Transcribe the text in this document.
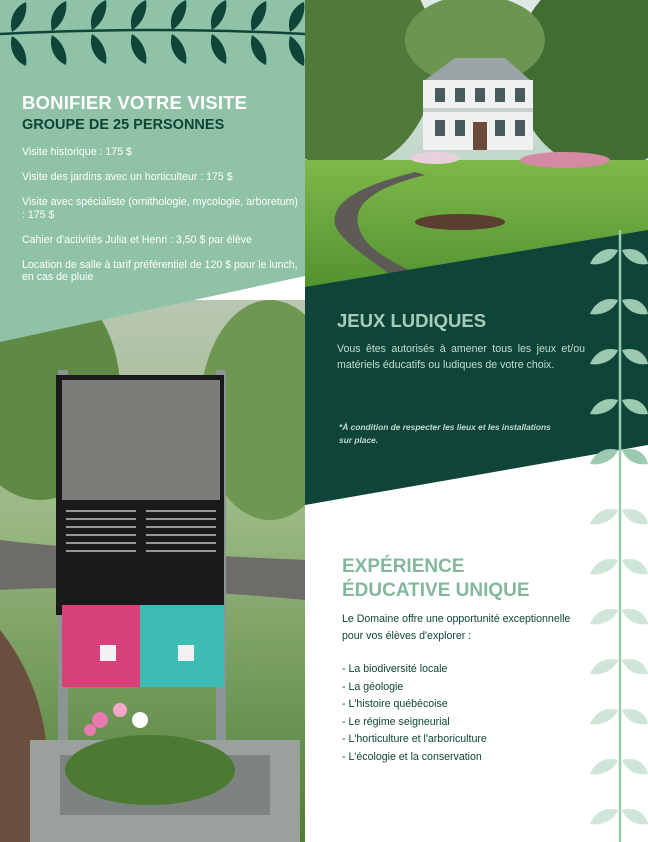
BONIFIER VOTRE VISITE
GROUPE DE 25 PERSONNES
Visite historique : 175 $
Visite des jardins avec un horticulteur : 175 $
Visite avec spécialiste (ornithologie, mycologie, arboretum) : 175 $
Cahier d'activités Julia et Henri : 3,50 $ par élève
Location de salle à tarif préférentiel de 120 $ pour le lunch, en cas de pluie
JEUX LUDIQUES
Vous êtes autorisés à amener tous les jeux et/ou matériels éducatifs ou ludiques de votre choix.
*À condition de respecter les lieux et les installations sur place.
EXPÉRIENCE
ÉDUCATIVE UNIQUE
Le Domaine offre une opportunité exceptionnelle pour vos élèves d'explorer :
- La biodiversité locale
- La géologie
- L'histoire québécoise
- Le régime seigneurial
- L'horticulture et l'arboriculture
- L'écologie et la conservation
